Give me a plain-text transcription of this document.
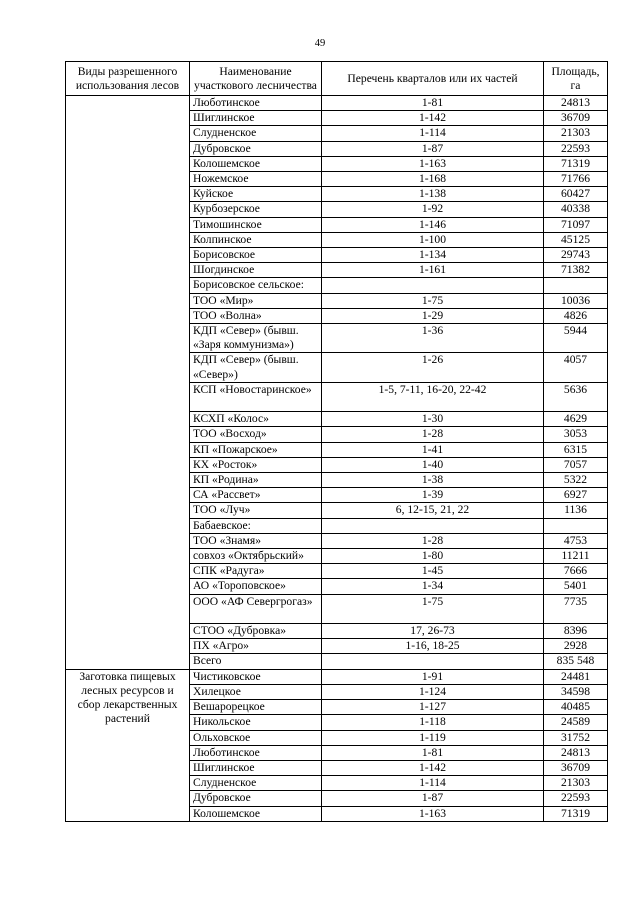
49
Виды разрешенного использования лесов	Наименование участкового лесничества	Перечень кварталов или их частей	Площадь, га
	Люботинское	1-81	24813
	Шиглинское	1-142	36709
	Слудненское	1-114	21303
	Дубровское	1-87	22593
	Колошемское	1-163	71319
	Ножемское	1-168	71766
	Куйское	1-138	60427
	Курбозерское	1-92	40338
	Тимошинское	1-146	71097
	Колпинское	1-100	45125
	Борисовское	1-134	29743
	Шогдинское	1-161	71382
	Борисовское сельское:		
	ТОО «Мир»	1-75	10036
	ТОО «Волна»	1-29	4826
	КДП «Север» (бывш. «Заря коммунизма»)	1-36	5944
	КДП «Север» (бывш. «Север»)	1-26	4057
	КСП «Новостаринское»	1-5, 7-11, 16-20, 22-42	5636
	КСХП «Колос»	1-30	4629
	ТОО «Восход»	1-28	3053
	КП «Пожарское»	1-41	6315
	КХ «Росток»	1-40	7057
	КП «Родина»	1-38	5322
	СА «Рассвет»	1-39	6927
	ТОО «Луч»	6, 12-15, 21, 22	1136
	Бабаевское:		
	ТОО «Знамя»	1-28	4753
	совхоз «Октябрьский»	1-80	11211
	СПК «Радуга»	1-45	7666
	АО «Тороповское»	1-34	5401
	ООО «АФ Севергрогаз»	1-75	7735
	СТОО «Дубровка»	17, 26-73	8396
	ПХ «Агро»	1-16, 18-25	2928
	Всего		835 548
Заготовка пищевых лесных ресурсов и сбор лекарственных растений	Чистиковское	1-91	24481
	Хилецкое	1-124	34598
	Вешарорецкое	1-127	40485
	Никольское	1-118	24589
	Ольховское	1-119	31752
	Люботинское	1-81	24813
	Шиглинское	1-142	36709
	Слудненское	1-114	21303
	Дубровское	1-87	22593
	Колошемское	1-163	71319
